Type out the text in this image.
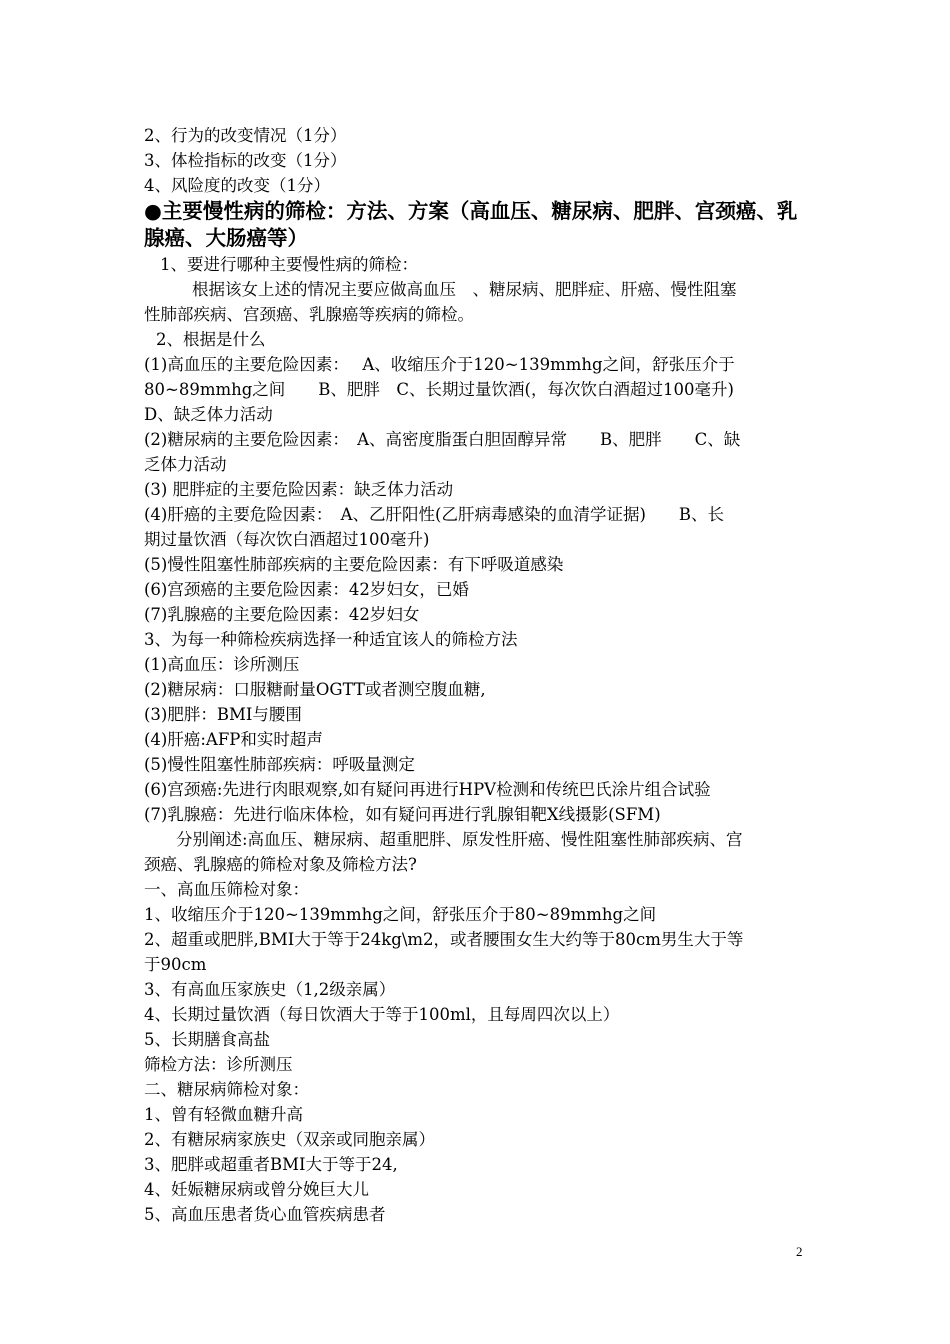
2、行为的改变情况（1分）
3、体检指标的改变（1分）
4、风险度的改变（1分）
●主要慢性病的筛检：方法、方案（高血压、糖尿病、肥胖、宫颈癌、乳
腺癌、大肠癌等）
1、要进行哪种主要慢性病的筛检：
根据该女上述的情况主要应做高血压　、糖尿病、肥胖症、肝癌、慢性阻塞
性肺部疾病、宫颈癌、乳腺癌等疾病的筛检。
2、根据是什么
(1)高血压的主要危险因素：　 A、收缩压介于120~139mmhg之间，舒张压介于
80~89mmhg之间　　B、肥胖　C、长期过量饮酒(，每次饮白酒超过100毫升)
D、缺乏体力活动
(2)糖尿病的主要危险因素：　A、高密度脂蛋白胆固醇异常　　B、肥胖　　C、缺
乏体力活动
(3) 肥胖症的主要危险因素：缺乏体力活动
(4)肝癌的主要危险因素：　A、乙肝阳性(乙肝病毒感染的血清学证据)　　B、长
期过量饮酒（每次饮白酒超过100毫升)
(5)慢性阻塞性肺部疾病的主要危险因素：有下呼吸道感染
(6)宫颈癌的主要危险因素：42岁妇女，已婚
(7)乳腺癌的主要危险因素：42岁妇女
3、为每一种筛检疾病选择一种适宜该人的筛检方法
(1)高血压：诊所测压
(2)糖尿病：口服糖耐量OGTT或者测空腹血糖,
(3)肥胖：BMI与腰围
(4)肝癌:AFP和实时超声
(5)慢性阻塞性肺部疾病：呼吸量测定
(6)宫颈癌:先进行肉眼观察,如有疑问再进行HPV检测和传统巴氏涂片组合试验
(7)乳腺癌：先进行临床体检，如有疑问再进行乳腺钼靶X线摄影(SFM)
分别阐述:高血压、糖尿病、超重肥胖、原发性肝癌、慢性阻塞性肺部疾病、宫
颈癌、乳腺癌的筛检对象及筛检方法?
一、高血压筛检对象：
1、收缩压介于120~139mmhg之间，舒张压介于80~89mmhg之间
2、超重或肥胖,BMI大于等于24kg\m2，或者腰围女生大约等于80cm男生大于等
于90cm
3、有高血压家族史（1,2级亲属）
4、长期过量饮酒（每日饮酒大于等于100ml，且每周四次以上）
5、长期膳食高盐
筛检方法：诊所测压
二、糖尿病筛检对象：
1、曾有轻微血糖升高
2、有糖尿病家族史（双亲或同胞亲属）
3、肥胖或超重者BMI大于等于24,
4、妊娠糖尿病或曾分娩巨大儿
5、高血压患者货心血管疾病患者
2
